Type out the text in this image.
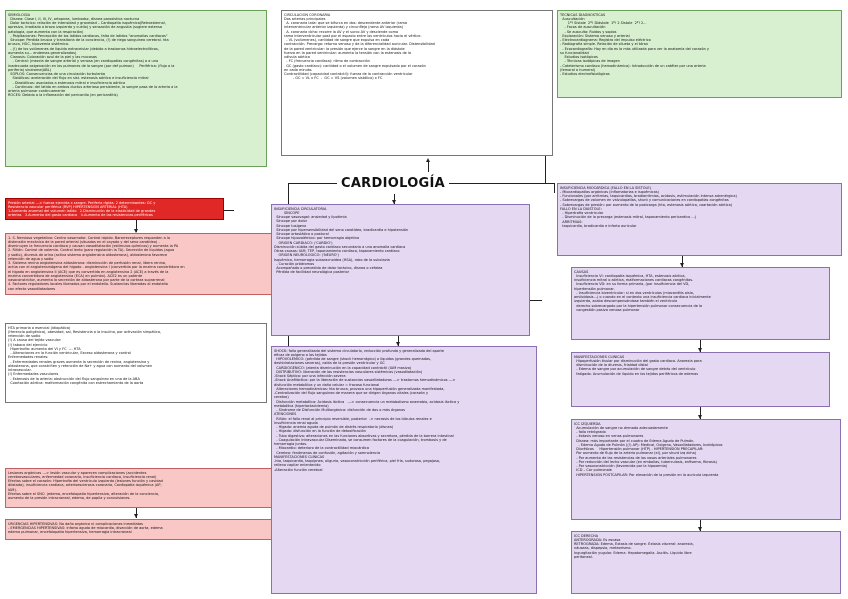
CARDIOLOGÍA
SEMIOLOGÍA
Disnea: Clase I, II, III, IV, ortopnea, lumbodsz, disnea paroxística nocturna
Dolor torácico: relación de intensidad y gravedad – Cardiopatía isquémica(Retroesternal,
opresivo, irradiado a brazo izquierdo y cuello) y sensación de angustia (sugiere extensa
patología, que aumenta con la respiración)
- Palpitaciones: Percepción de los latidos cardiacos, falta de latidos "anomalías cardiacas"
Síncope: Perdida brusca y transitoria de la conciencia, (!) de riego sanguíneo cerebral. hta
brusca, HGC, hipovemia sistémica.
- (!) de los volúmenes de líquido extracelular (debido a trastornos hidroelectrolíticos,
aumenta su... endemas generalizados)
Cianosis: Coloración azul de la piel y las mucosas
- Central: (mezcla de sangre arterial y venosa (en cardiopatías congénitas) o a una
inadecuada oxigenación en los pulmones de la sangre (por def pulmon)     Periférica: (flujo a la
periferia) sindrome(ABL)
SOPLOS: Consecuencias de una circulación turbulenta
Sistólicos: aceleración del flujo en síst. estenosis aórtica e insuficiencia mitral
- Diastólicos: asociados a estenosis mitral e insuficiencia aórtica
- Continuos: del latido en ambos ductus arterioso persistente, la sangre pasa de la arteria a la
arteria pulmonar continuamente
ROCES: Debido a la inflamación del pericardio (en pericarditis)
CIRCULACIÓN CORONARIA
Dos arterias principales
A. coronaria izda: que se bifurca en dos: descendente anterior (rama
interventricular anterior izquierda) y circunfleja (rama AV izquierda)
A. coronaria dcha: recorre la AV y el surco AV y desciende como
rama interventricular post por el espacio entre los ventrículos hacia el vértice.
- VL (volúmenes), cantidad de sangre que expulsa en cada
contracción. Precarga: retorno venoso y de la diferencialidad auricular. Distensibilidad
de la pared ventricular: la presión que ejerce la sangre en la diástole
fuerza en la pared ventricular: aumenta la tensión con la estenosis de la
válvula aórtica
- FC (frecuencia cardíaca): ritmo de contracción
GC (gasto cardíaco): cantidad o el volumen de sangre expulsado por el corazón
en cada minuto.
Contractilidad (capacidad contráctil): fuerza de la contracción ventricular
- GC = VL x FC  -  GC = VS (volumen sistólico) x FC
TÉCNICAS DIAGNÓSTICAS
Auscultación
1º! Sístole  2º! Diástole  1º! 2 Sístole  2º! 2...
- Focos de auscultación
- Se ausculta: Ruidos y soplos
Exploración: Sistema venoso y arterial
- Electrocardiograma: Registro del impulso eléctrico
- Radiografía simple. Relación de silueta y el tórax
- Ecocardiografía: Hoy en día es la más utilizada para ver la anatomía del corazón y
su funcionalidad
Estudios isotópicos
- Técnicas isotópicas de imagen
- Cateterismo cardiaco (hemodinámica): Introducción de un catéter por una arteria
(femoral o humeral)
- Estudios electrofisiológicos
Presión arterial ---> fuerza ejercida x sangre. Periferia rígida. 2 determinantes: GC y
Resistencia vascular periférica (RVP) HIPERTENSIÓN ARTERIAL (HTA)
1.Aumento anormal del volumen latido   2.Disminución de la elasticidad de grandes
arterias   3.Aumento del gasto cardiaco   4.Aumento de las resistencias periféricas
1. S. Nervioso vegetativo: Centro vasomotor. Control rápido. Barorreceptores responden a la
distensión mecánica de la pared arterial (situados en el cayado y del seno carotídeo) -
disminuyen la frecuencia cardiaca y causan vasodilatación (estímulos químicos) y aumenta la PA
2. Riñón: Control de volemia. Control lento (para regulación la TA). Secreción de líquidos (agua
y sodio), diuresis de orina (activa sistema angiotensina aldosterona), aldosterona favorece
retención de agua y sodio
3. Sistema renina angiotensina aldosterona: disminución de perfusión renal, libera renina,
actúa con el angiotensinógeno del hígado - angiotensina I (convertida por la enzima convertidora en
el hígado en angiotensina II (ACE) que es convertida en angiotensina 2 (ACE) a través de la
enzima convertidora de angiotensina (ECA) en pulmón). ACE2 es un potente
vasoconstrictor, aumenta la secreción de aldosterona por parte de la corteza suprarrenal
4. Factores reguladores locales liberados por el endotelio. Sustancias liberadas al endotelio
con efecto vasodilatadores
HTA primaria o esencial (idiopática)
(Herencia poligénica), obesidad, sal, Resistencia a la insulina, por activación simpática,
retención de sodio
(!) A causa del tejido vascular:
(!) tabaco del ejercicio
Hipertrofia: aumento del VI y FC  --- HTA
- Alteraciones en la función ventricular, Exceso aldosterona y control
Enfermedades renales:
- Enfermedades renales graves aumenta la secreción de renina, angiotensina y
aldosterona, que constriñen y retención de Na+ y agua con aumento del volumen
intravascular.
(!) Enfermedades vasculares
- Estenosis de la arteria: obstrucción del flujo sanguíneo en una de la ABA
Coartación aórtica: malformación congénita con estrechamiento de la aorta
Lesiones orgánicas ---> lesión vascular y aparecen complicaciones (accidentes
cerebrovasculares, enfermedad coronaria, insuficiencia cardiaca, insuficiencia renal)
Efectos sobre el corazón: Hipertrofia del ventrículo izquierdo (lesiones función y cavidad
dilatada), insuficiencia cardiaca, arterioesclerosis coronaria, Cardiopatía isquémica (AP,
IAM).
Efectos sobre el SNC: (edema, encefalopatía hipertensiva, alteración de la conciencia,
aumento de la presión intracraneal, edema, de papila y convulsiones.
URGENCIAS HIPERTENSIVAS: No daño orgánico ni complicaciones inmediatas
- EMERGENCIAS HIPERTENSIVAS: infarto agudo de miocardio, disección de aorta, edema
edema pulmonar, encefalopatía hipertensiva, hemorragia intracraneal
INSUFICIENCIA CIRCULATORIA
SÍNCOPE
Síncope vasovagal: ansiedad y lipotimia
Síncope por dolor
Síncope tusígeno
Síncope por hipersensibilidad del seno carotídeo, bradicardia e hipotensión
Síncope ortostático o postural
Síncope hipovolémico: por hemorragia objetiva
ORIGEN CARDIACO: ('CARDIO')
Disminución súbita del gasto cardiaco secundario a una anomalía cardiaca
Otras causas: IAM, TEP, taponamiento cardíaco, taponamiento cardíaco
ORIGEN NEUROLÓGICO: ('NEURO')
Isquémico, hemorragia subaracnoidea (HSA), robo de la subclavia
- Curación pródromos
Acompañado o precedido de dolor torácico, disnea o cefalea
Pérdida de facilidad neurológica posterior
SHOCK: fallo generalizado del sistema circulatorio, reducción profunda y generalizada del aporte
eficaz de oxígeno a los tejidos
HIPOVOLÉMICO: (pérdida de sangre (shock hemorrágico) o líquidos (grandes quemados,
deshidrataciones severas), caída de la presión ventricular y GC
CARDIOGÉNICO: (atenta disminución en la capacidad contráctil (IAM masivo)
DISTRIBUTIVO: liberación de las resistencias vasculares sistémicas (vasodilatación)
-Shock Séptico: por una infección severa
-Shock Anafiláctico: por la liberación de sustancias vasodilatadoras ---> trastornos hemodinámicos --->
disfunción metabólica y un daño celular = fracaso funcional
Alteraciones hemodinámicas: hta brusca, provoca una hipoperfusión generalizada manifestada,
-Centralización del flujo sanguíneo de manera que se dirigen órganos vitales (corazón y
cerebro)
Disfunción metabólica: Acidosis láctica   ---> consecuencia un metabolismo anaerobio, acidosis láctica y
metabólica (hiperlactacidemia)
- Síndrome de Disfunción Multiorgánica: disfunción de dos o más órganos
ATENCIONES
Riñón: el fallo renal al principio reversible, posterior  -> necrosis de los túbulos renales e
insuficiencia renal aguda
- Hígado: anemia aguda de pulmón de distrés respiratorio (disnea)
- Hígado: disfunción en la función de detoxificación
- Tubo digestivo: alteraciones en las funciones absortivas y secretora, pérdida de la barrera intestinal
- Coagulación intravascular Diseminada, se consumen factores de la coagulación, trombosis y de
hemorragia juntos.
- Miocardio: deterioro de la contractilidad miocárdica
Cerebro: fenómenos de confusión, agitación y somnolencia
MANIFESTACIONES CLÍNICAS
-hta, taquicardia, taquipnea, oliguria, vasoconstricción periférica, piel fría, sudorosa, pegajosa,
relleno capilar enlentecido
-Alteración función cerebral
INSUFICIENCIA MIOCÁRDICA (FALLO EN LA SÍSTOLE)
- Miocardiopatías orgánicas (inflamatorias e isquémicas)
- Funcionales (por arritmias, taquicardias, bradiarritmias, acidosis, estimulación intensa adrenérgica)
- Sobrecargas de volumen en valvulopatías, shunt y comunicaciones en cardiopatías congénitas
- Sobrecargas de presión: por aumento de la postcarga (hta, estenosis aórtica, coartación aórtica)
FALLO EN LA DIÁSTOLE:
- Hipertrofia ventricular
- Disminución de la precarga (estenosis mitral, taponamiento pericardico ...)
ARRITMIAS:
taquicardia, bradicardia e infarto auricular
CAUSAS
Insuficiencia VI: cardiopatía isquémica, HTA, estenosis aórtica,
insuficiencia mitral o aórtica, malformaciones cardiacas congénitas.
Insuficiencia VD: en su forma primaria, (por insuficiencia del VD,
hipertensión pulmonar.
- Insuficiencia biventricular: si en dos ventrículos (miocarditis aislo,
amiloidosis...) o cuando en el contexto una insuficiencia cardiaca inicialmente
izquierda, acaba descompensándose también el ventrículo
derecho sobrecargado por la hipertensión pulmonar consecuencia de la
congestión pasiva venosa pulmonar
MANIFESTACIONES CLÍNICAS
Hipoperfusión tisular por disminución del gasto cardiaco. Anorexia para
disminución de la diuresis, frialdad distal
- Edema de sangre por acumulación de sangre detrás del ventrículo
fatigado. Acumulación de líquido en los tejidos periféricos de edemas
ICC IZQUIERDA
Acumulación de sangre no drenado adecuadamente
- fallo retrógrado
- éxtasis venoso en venas pulmonares
Disnea: más importante por el cuadro de Edema Agudo de Pulmón.
- Edema Agudo de Pulmón ((!) AP): Medical, Oxígeno, Vasodilatadores, Inotrópicos
Diuréticos     Hipertensión pulmonar (HTP) - HIPERTENSIÓN PRECAPILAR:
Por aumento de flujo de la arteria pulmonar (el), por shunt izq dcha)
- Por aumento de las resistencias de los vasos arteriales pulmonares
- Por reducción del lecho vascular (en embolias, tuberculosis, enfisema, fibrosis)
- Por vasoconstricción (favorecida por la hipoxemia)
ICD – Cor pulmonale
HIPERTENSIÓN POSTCAPILAR: Por elevación de la presión en la aurícula izquierda
ICC DERECHA
ANTERÓGRADA: Es escasa
RETRÓGRADA: Edema, Éxtasis de sangre. Éxtasis visceral: anorexia,
náuseas, dispepsia, meteorismo.
Ingurgitación yugular. Edema. Hepatomegalia. Ascitis. Líquido libre
peritoneal.
